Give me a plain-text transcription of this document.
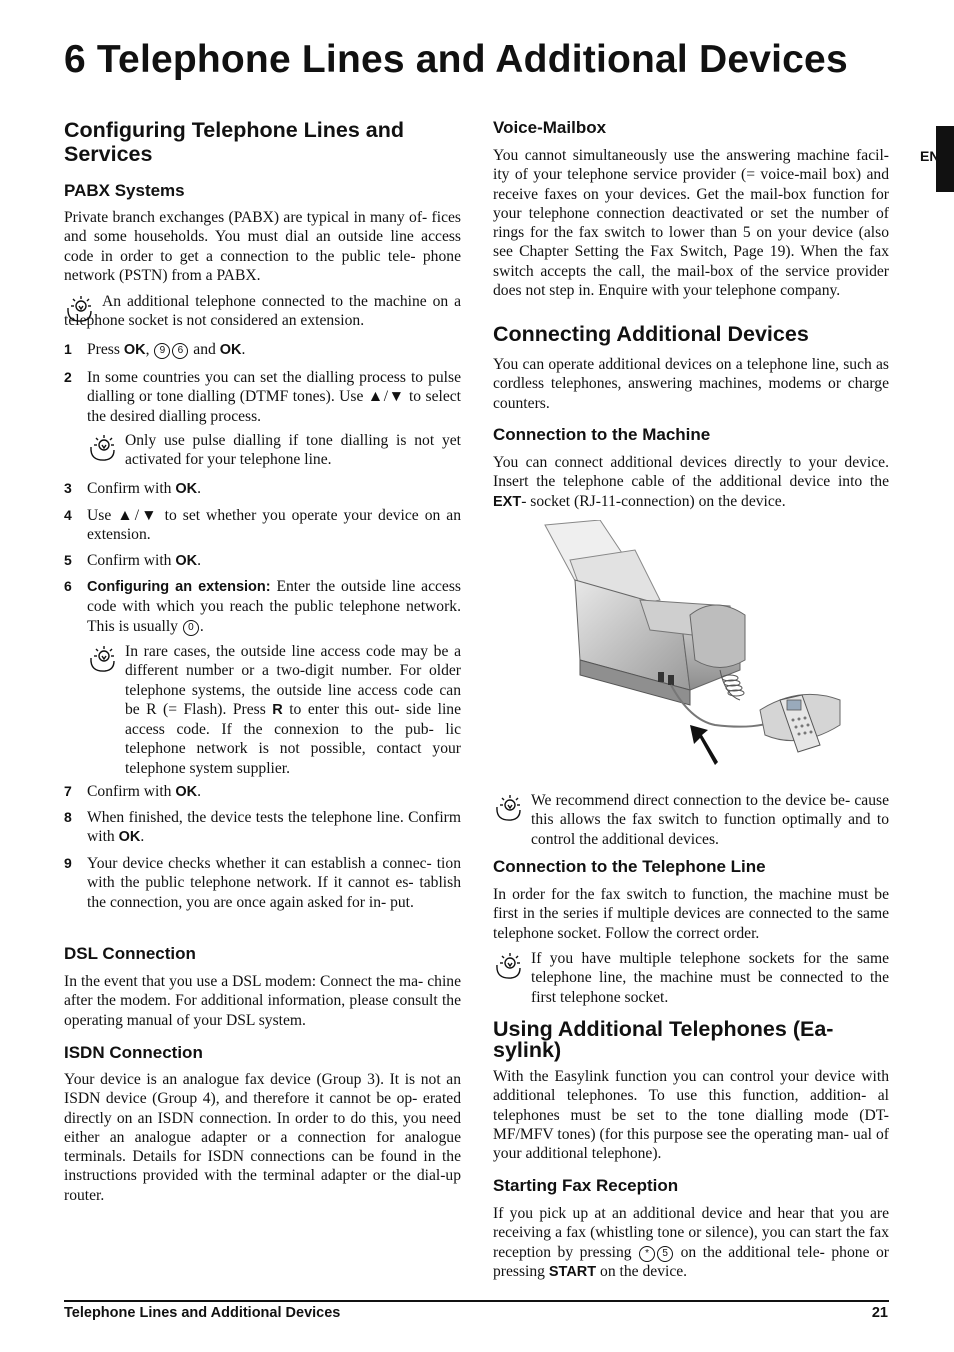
6 Telephone Lines and Additional Devices
EN
Configuring Telephone Lines and Services
PABX Systems
Private branch exchanges (PABX) are typical in many of- fices and some households. You must dial an outside line access code in order to get a connection to the public tele- phone network (PSTN) from a PABX.
An additional telephone connected to the machine on a telephone socket is not considered an extension.
1 Press OK, 9 6 and OK.
2 In some countries you can set the dialling process to pulse dialling or tone dialling (DTMF tones). Use ▲/▼ to select the desired dialling process.
Only use pulse dialling if tone dialling is not yet activated for your telephone line.
3 Confirm with OK.
4 Use ▲/▼ to set whether you operate your device on an extension.
5 Confirm with OK.
6 Configuring an extension: Enter the outside line access code with which you reach the public telephone network. This is usually 0 .
In rare cases, the outside line access code may be a different number or a two-digit number. For older telephone systems, the outside line access code can be R (= Flash). Press R to enter this out- side line access code. If the connexion to the pub- lic telephone network is not possible, contact your telephone system supplier.
7 Confirm with OK.
8 When finished, the device tests the telephone line. Confirm with OK.
9 Your device checks whether it can establish a connec- tion with the public telephone network. If it cannot es- tablish the connection, you are once again asked for in- put.
DSL Connection
In the event that you use a DSL modem: Connect the ma- chine after the modem. For additional information, please consult the operating manual of your DSL system.
ISDN Connection
Your device is an analogue fax device (Group 3). It is not an ISDN device (Group 4), and therefore it cannot be op- erated directly on an ISDN connection. In order to do this, you need either an analogue adapter or a connection for analogue terminals. Details for ISDN connections can be found in the instructions provided with the terminal adapter or the dial-up router.
Voice-Mailbox
You cannot simultaneously use the answering machine facil- ity of your telephone service provider (= voice-mail box) and receive faxes on your devices. Get the mail-box function for your telephone connection deactivated or set the number of rings for the fax switch to lower than 5 on your device (also see Chapter Setting the Fax Switch, Page 19). When the fax switch accepts the call, the mail-box of the service provider does not step in. Enquire with your telephone company.
Connecting Additional Devices
You can operate additional devices on a telephone line, such as cordless telephones, answering machines, modems or charge counters.
Connection to the Machine
You can connect additional devices directly to your device. Insert the telephone cable of the additional device into the EXT- socket (RJ-11-connection) on the device.
We recommend direct connection to the device be- cause this allows the fax switch to function optimally and to control the additional devices.
Connection to the Telephone Line
In order for the fax switch to function, the machine must be first in the series if multiple devices are connected to the same telephone socket. Follow the correct order.
If you have multiple telephone sockets for the same telephone line, the machine must be connected to the first telephone socket.
Using Additional Telephones (Ea- sylink)
With the Easylink function you can control your device with additional telephones. To use this function, addition- al telephones must be set to the tone dialling mode (DT- MF/MFV tones) (for this purpose see the operating man- ual of your additional telephone).
Starting Fax Reception
If you pick up at an additional device and hear that you are receiving a fax (whistling tone or silence), you can start the fax reception by pressing * 5 on the additional tele- phone or pressing START on the device.
Telephone Lines and Additional Devices	21
